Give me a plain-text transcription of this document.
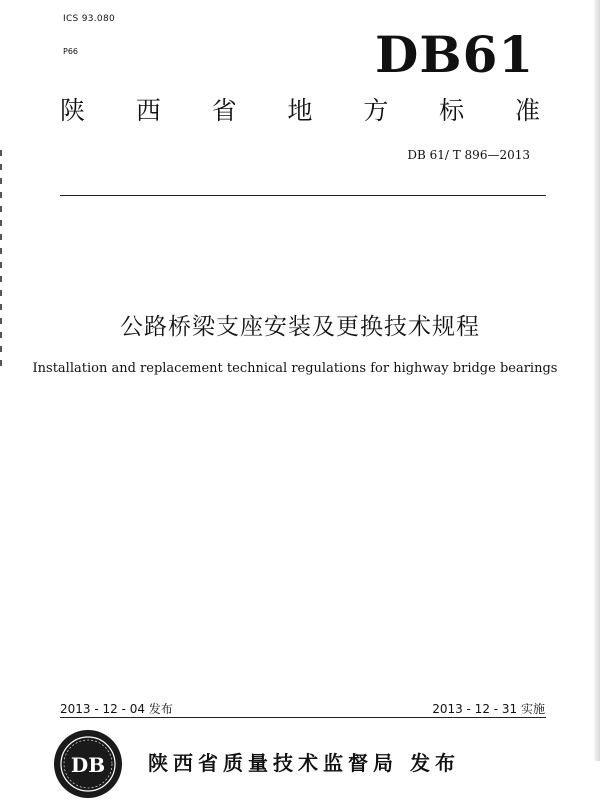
ICS 93.080
P66	DB61
陕 西 省 地 方 标 准
DB 61/ T 896—2013
公路桥梁支座安装及更换技术规程
Installation and replacement technical regulations for highway bridge bearings
2013 - 12 - 04 发布	2013 - 12 - 31 实施
DB 陕西省质量技术监督局 发布
